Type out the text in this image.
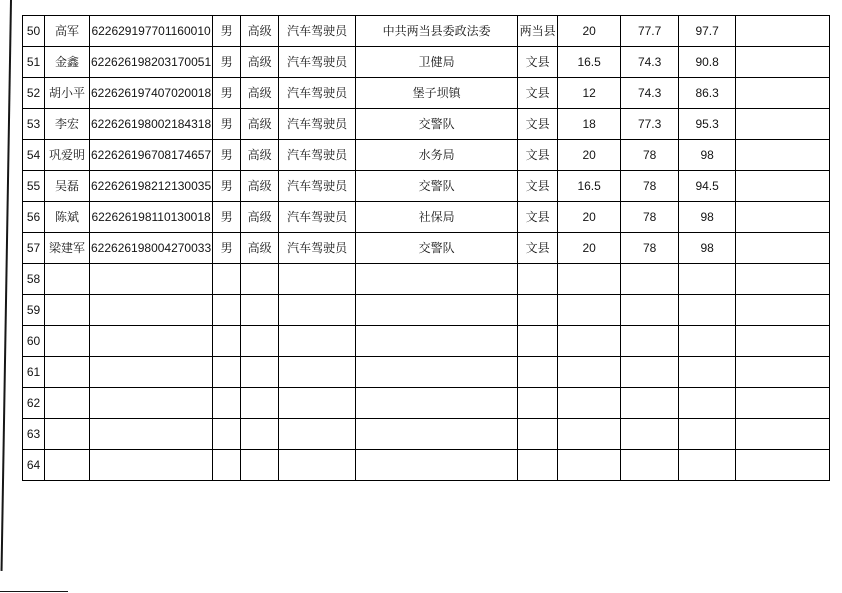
50	高军	622629197701160010	男	高级	汽车驾驶员	中共两当县委政法委	两当县	20	77.7	97.7	
51	金鑫	622626198203170051	男	高级	汽车驾驶员	卫健局	文县	16.5	74.3	90.8	
52	胡小平	622626197407020018	男	高级	汽车驾驶员	堡子坝镇	文县	12	74.3	86.3	
53	李宏	622626198002184318	男	高级	汽车驾驶员	交警队	文县	18	77.3	95.3	
54	巩爱明	622626196708174657	男	高级	汽车驾驶员	水务局	文县	20	78	98	
55	吴磊	622626198212130035	男	高级	汽车驾驶员	交警队	文县	16.5	78	94.5	
56	陈斌	622626198110130018	男	高级	汽车驾驶员	社保局	文县	20	78	98	
57	梁建军	622626198004270033	男	高级	汽车驾驶员	交警队	文县	20	78	98	
58											
59											
60											
61											
62											
63											
64											
